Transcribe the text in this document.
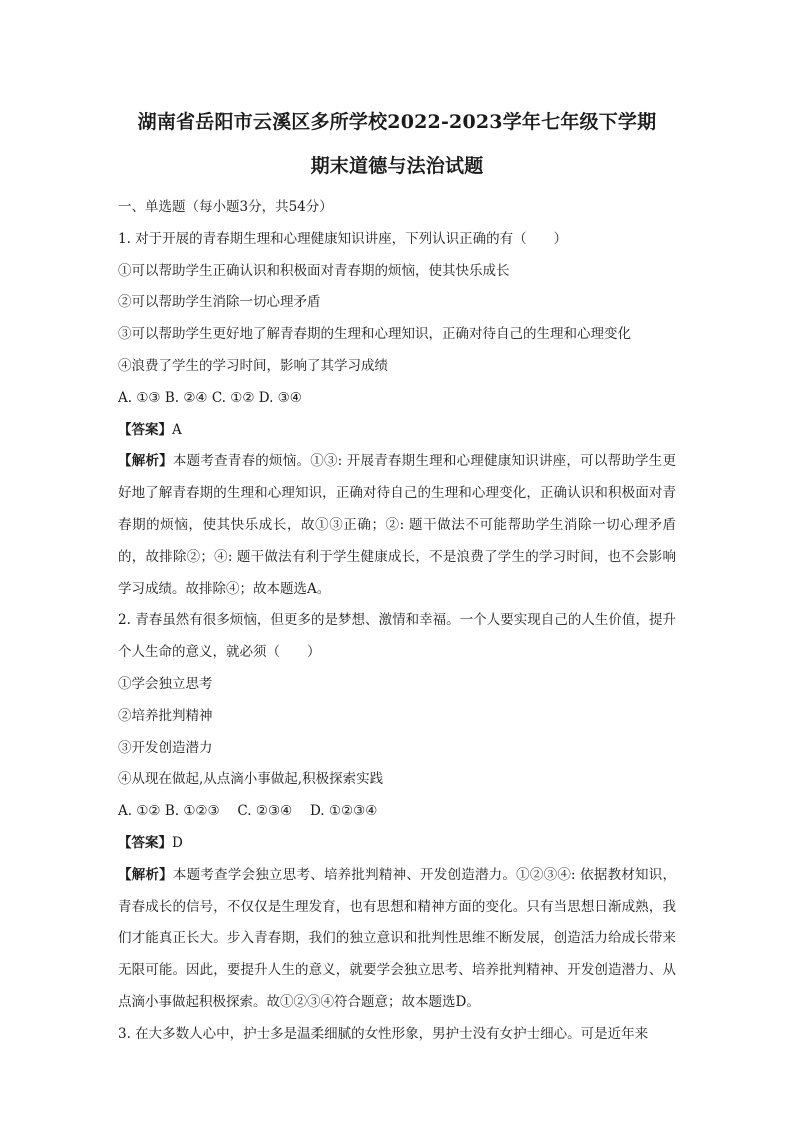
湖南省岳阳市云溪区多所学校2022-2023学年七年级下学期

期末道德与法治试题

一、单选题（每小题3分，共54分）

1. 对于开展的青春期生理和心理健康知识讲座，下列认识正确的有（　　）

①可以帮助学生正确认识和积极面对青春期的烦恼，使其快乐成长

②可以帮助学生消除一切心理矛盾

③可以帮助学生更好地了解青春期的生理和心理知识，正确对待自己的生理和心理变化

④浪费了学生的学习时间，影响了其学习成绩

A. ①③ B. ②④ C. ①② D. ③④

【答案】A

【解析】本题考查青春的烦恼。①③: 开展青春期生理和心理健康知识讲座，可以帮助学生更好地了解青春期的生理和心理知识，正确对待自己的生理和心理变化，正确认识和积极面对青春期的烦恼，使其快乐成长，故①③正确；②: 题干做法不可能帮助学生消除一切心理矛盾的，故排除②；④: 题干做法有利于学生健康成长，不是浪费了学生的学习时间，也不会影响学习成绩。故排除④；故本题选A。

2. 青春虽然有很多烦恼，但更多的是梦想、激情和幸福。一个人要实现自己的人生价值，提升个人生命的意义，就必须（　　）

①学会独立思考

②培养批判精神

③开发创造潜力

④从现在做起,从点滴小事做起,积极探索实践

A. ①② B. ①②③　 C. ②③④　 D. ①②③④

【答案】D

【解析】本题考查学会独立思考、培养批判精神、开发创造潜力。①②③④: 依据教材知识，青春成长的信号，不仅仅是生理发育，也有思想和精神方面的变化。只有当思想日渐成熟，我们才能真正长大。步入青春期，我们的独立意识和批判性思维不断发展，创造活力给成长带来无限可能。因此，要提升人生的意义，就要学会独立思考、培养批判精神、开发创造潜力、从点滴小事做起积极探索。故①②③④符合题意；故本题选D。

3. 在大多数人心中，护士多是温柔细腻的女性形象，男护士没有女护士细心。可是近年来
